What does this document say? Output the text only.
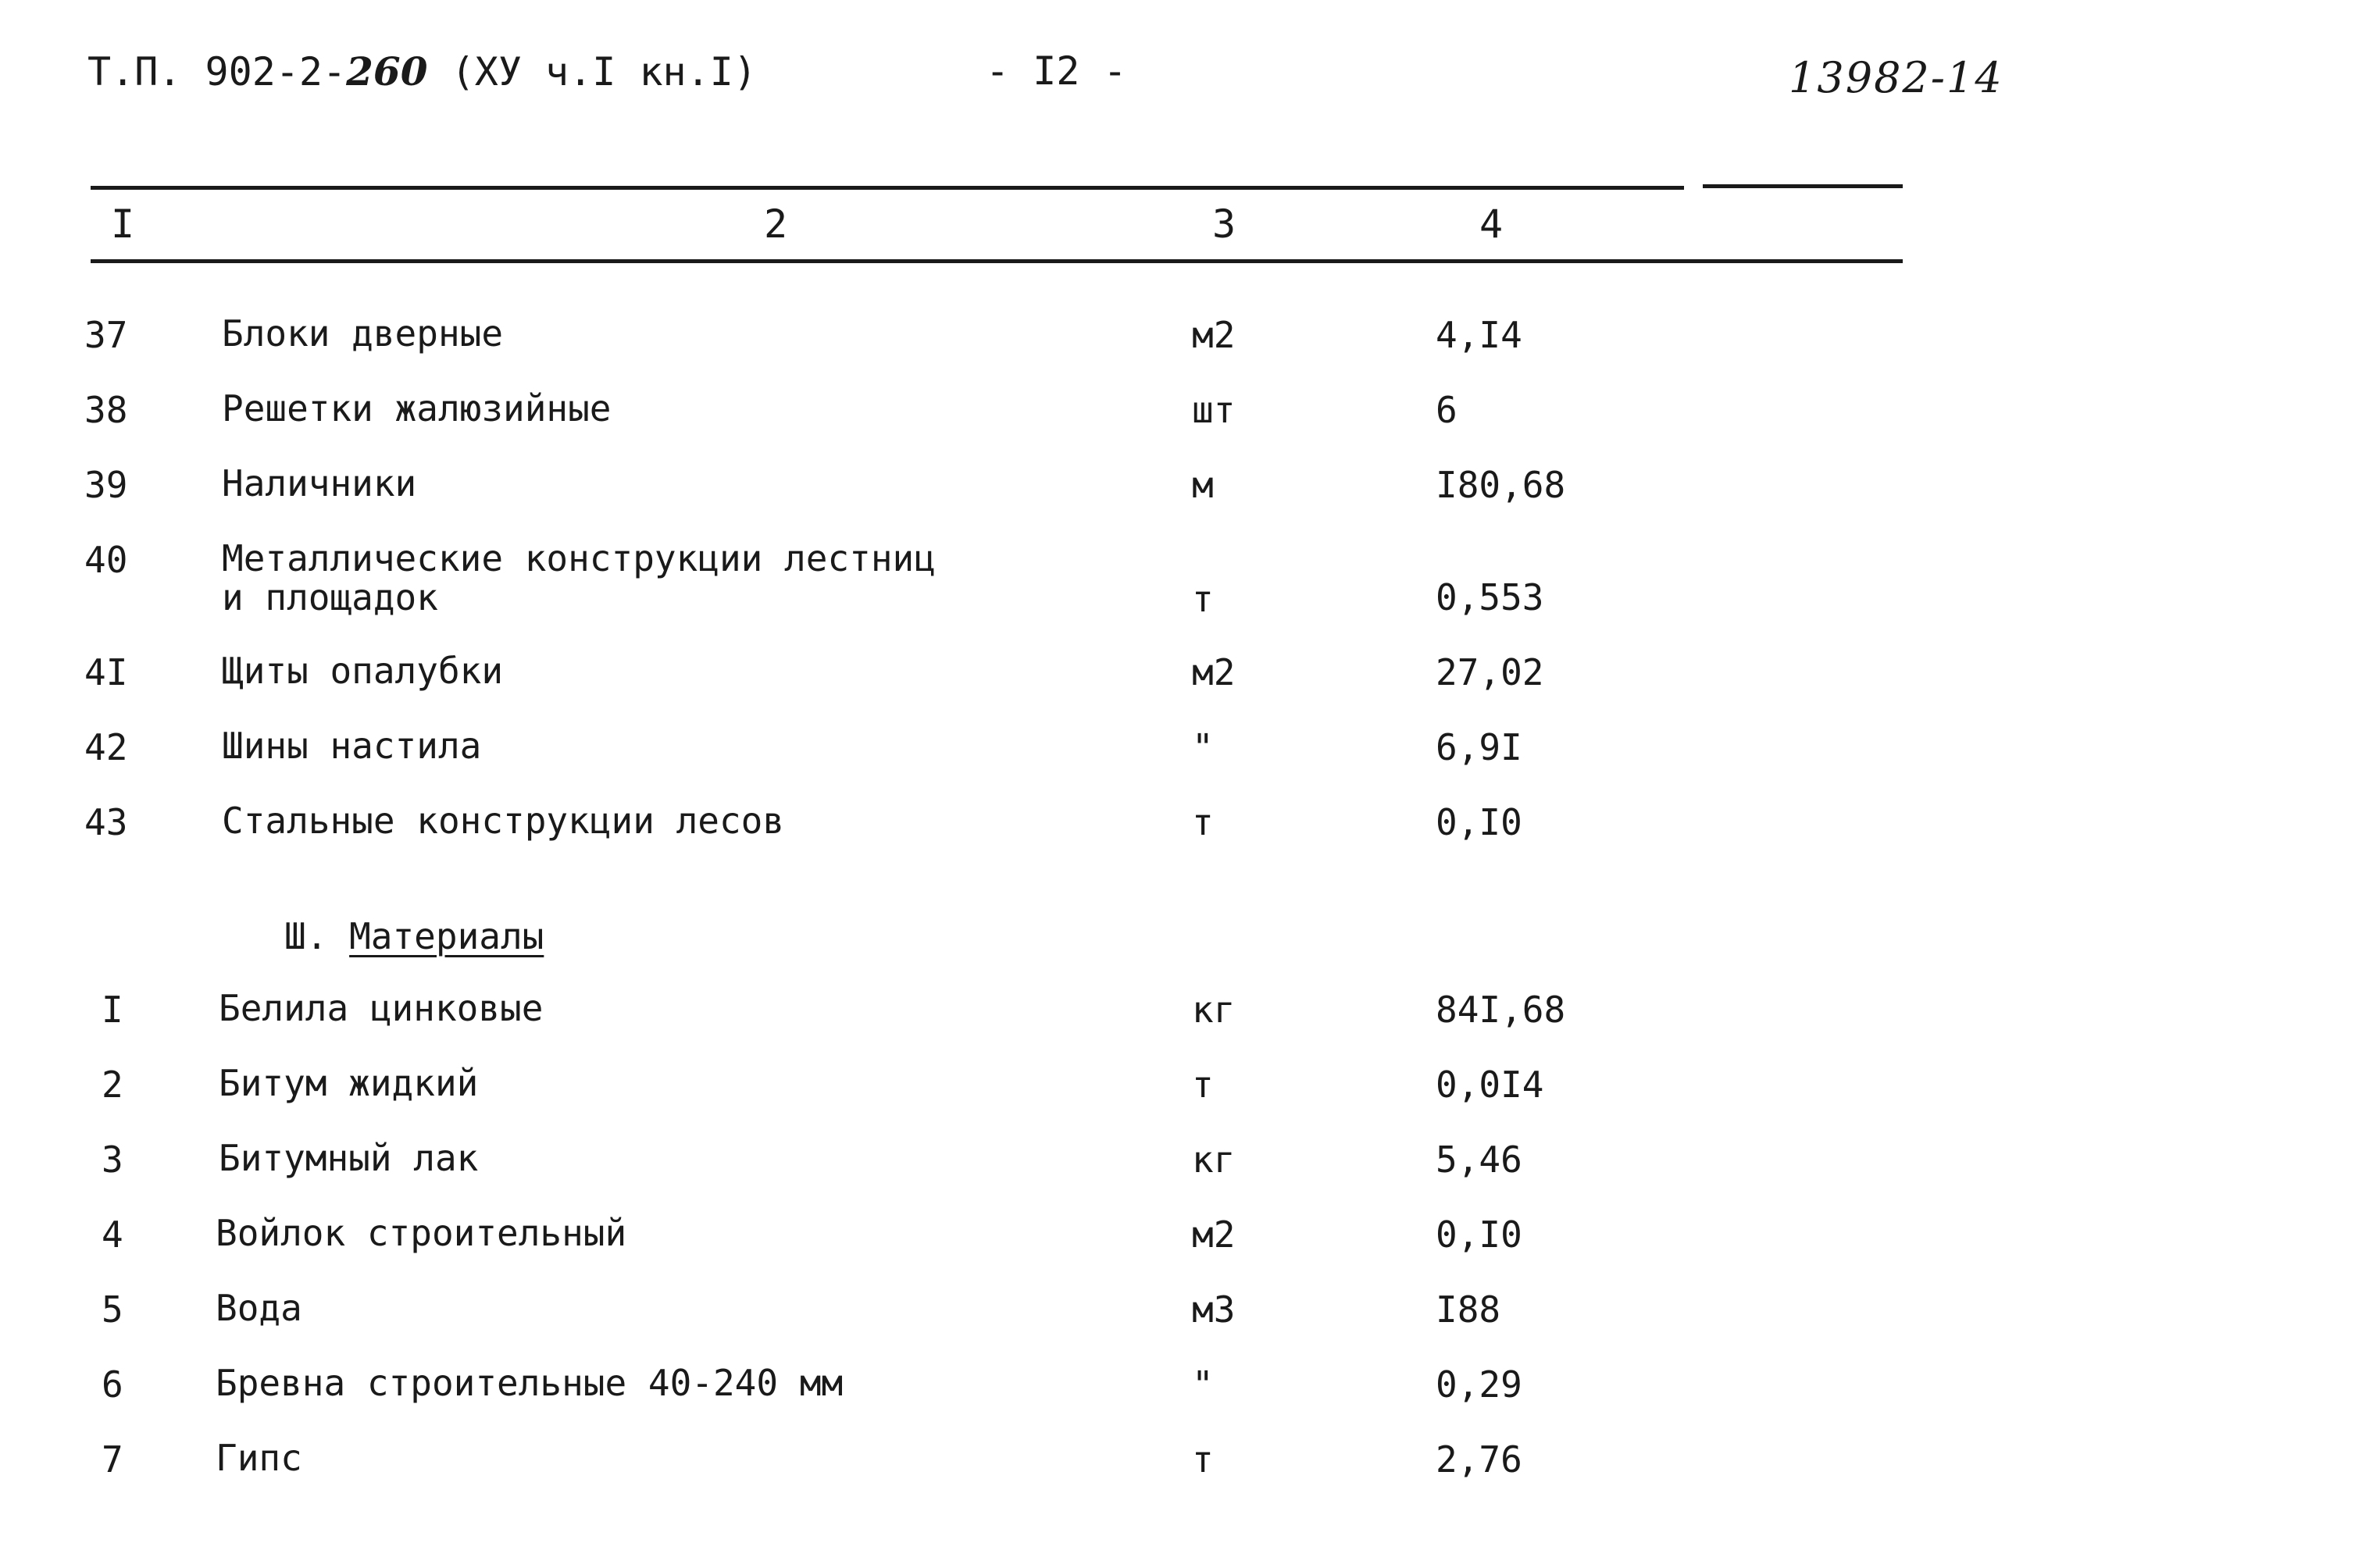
Т.П. 902-2-260 (ХУ ч.I кн.I)	- I2 -	13982-14
I	2	3	4
37	Блоки дверные	м2	4,I4
38	Решетки жалюзийные	шт	6
39	Наличники	м	I80,68
40	Металлические конструкции лестниц
и площадок	т	0,553
4I	Щиты опалубки	м2	27,02
42	Шины настила	"	6,9I
43	Стальные конструкции лесов	т	0,I0
Ш. Материалы
I	Белила цинковые	кг	84I,68
2	Битум жидкий	т	0,0I4
3	Битумный лак	кг	5,46
4	Войлок строительный	м2	0,I0
5	Вода	м3	I88
6	Бревна строительные 40-240 мм	"	0,29
7	Гипс	т	2,76
